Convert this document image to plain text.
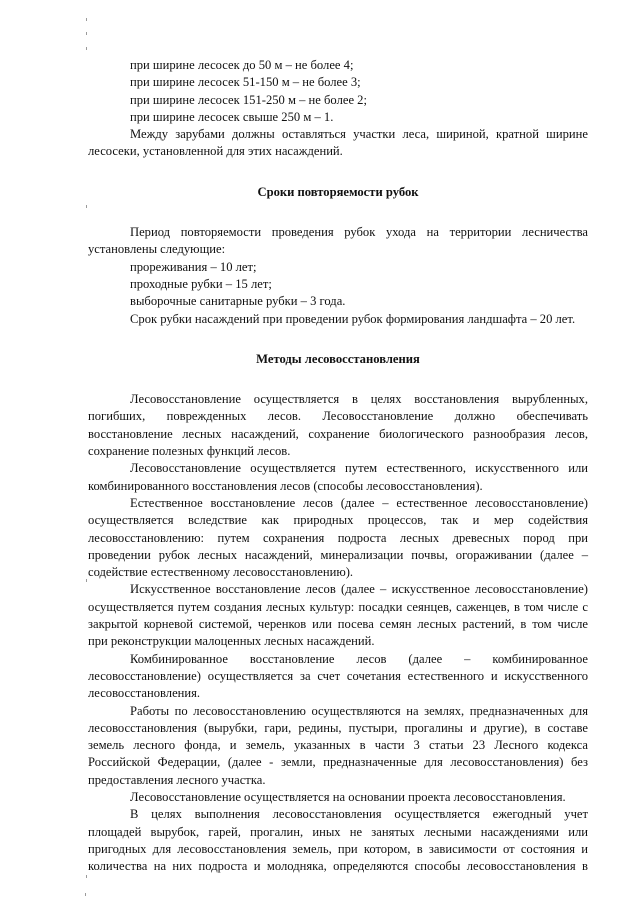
при ширине лесосек до 50 м – не более 4;
при ширине лесосек 51-150 м – не более 3;
при ширине лесосек 151-250 м – не более 2;
при ширине лесосек свыше 250 м – 1.
Между зарубами должны оставляться участки леса, шириной, кратной ширине
лесосеки, установленной для этих насаждений.
Сроки повторяемости рубок
Период повторяемости проведения рубок ухода на территории лесничества
установлены следующие:
прореживания – 10 лет;
проходные рубки – 15 лет;
выборочные санитарные рубки – 3 года.
Срок рубки насаждений при проведении рубок формирования ландшафта – 20 лет.
Методы лесовосстановления
Лесовосстановление осуществляется в целях восстановления вырубленных,
погибших, поврежденных лесов. Лесовосстановление должно обеспечивать
восстановление лесных насаждений, сохранение биологического разнообразия лесов,
сохранение полезных функций лесов.
Лесовосстановление осуществляется путем естественного, искусственного или
комбинированного восстановления лесов (способы лесовосстановления).
Естественное восстановление лесов (далее – естественное лесовосстановление)
осуществляется вследствие как природных процессов, так и мер содействия
лесовосстановлению: путем сохранения подроста лесных древесных пород при
проведении рубок лесных насаждений, минерализации почвы, огораживании (далее –
содействие естественному лесовосстановлению).
Искусственное восстановление лесов (далее – искусственное лесовосстановление)
осуществляется путем создания лесных культур: посадки сеянцев, саженцев, в том числе с
закрытой корневой системой, черенков или посева семян лесных растений, в том числе
при реконструкции малоценных лесных насаждений.
Комбинированное восстановление лесов (далее – комбинированное
лесовосстановление) осуществляется за счет сочетания естественного и искусственного
лесовосстановления.
Работы по лесовосстановлению осуществляются на землях, предназначенных для
лесовосстановления (вырубки, гари, редины, пустыри, прогалины и другие), в составе
земель лесного фонда, и земель, указанных в части 3 статьи 23 Лесного кодекса
Российской Федерации, (далее - земли, предназначенные для лесовосстановления) без
предоставления лесного участка.
Лесовосстановление осуществляется на основании проекта лесовосстановления.
В целях выполнения лесовосстановления осуществляется ежегодный учет
площадей вырубок, гарей, прогалин, иных не занятых лесными насаждениями или
пригодных для лесовосстановления земель, при котором, в зависимости от состояния и
количества на них подроста и молодняка, определяются способы лесовосстановления в
